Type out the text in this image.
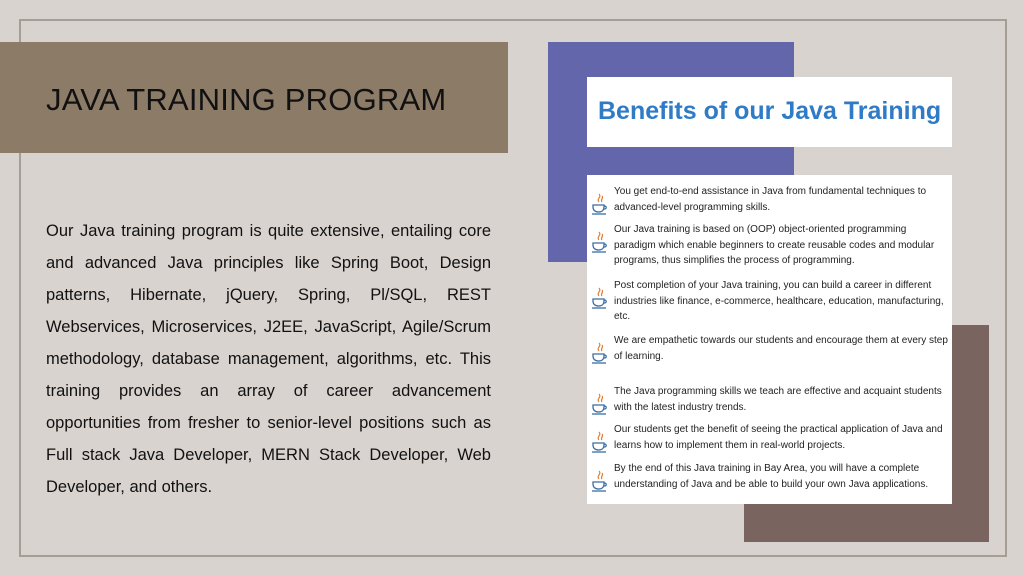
JAVA TRAINING PROGRAM
Our Java training program is quite extensive, entailing core and advanced Java principles like Spring Boot, Design patterns, Hibernate, jQuery, Spring, Pl/SQL, REST Webservices, Microservices, J2EE, JavaScript, Agile/Scrum methodology, database management, algorithms, etc. This training provides an array of career advancement opportunities from fresher to senior-level positions such as Full stack Java Developer, MERN Stack Developer, Web Developer, and others.
Benefits of our Java Training
You get end-to-end assistance in Java from fundamental techniques to advanced-level programming skills.
Our Java training is based on (OOP) object-oriented programming paradigm which enable beginners to create reusable codes and modular programs, thus simplifies the process of programming.
Post completion of your Java training, you can build a career in different industries like finance, e-commerce, healthcare, education, manufacturing, etc.
We are empathetic towards our students and encourage them at every step of learning.
The Java programming skills we teach are effective and acquaint students with the latest industry trends.
Our students get the benefit of seeing the practical application of Java and learns how to implement them in real-world projects.
By the end of this Java training in Bay Area, you will have a complete understanding of Java and be able to build your own Java applications.
